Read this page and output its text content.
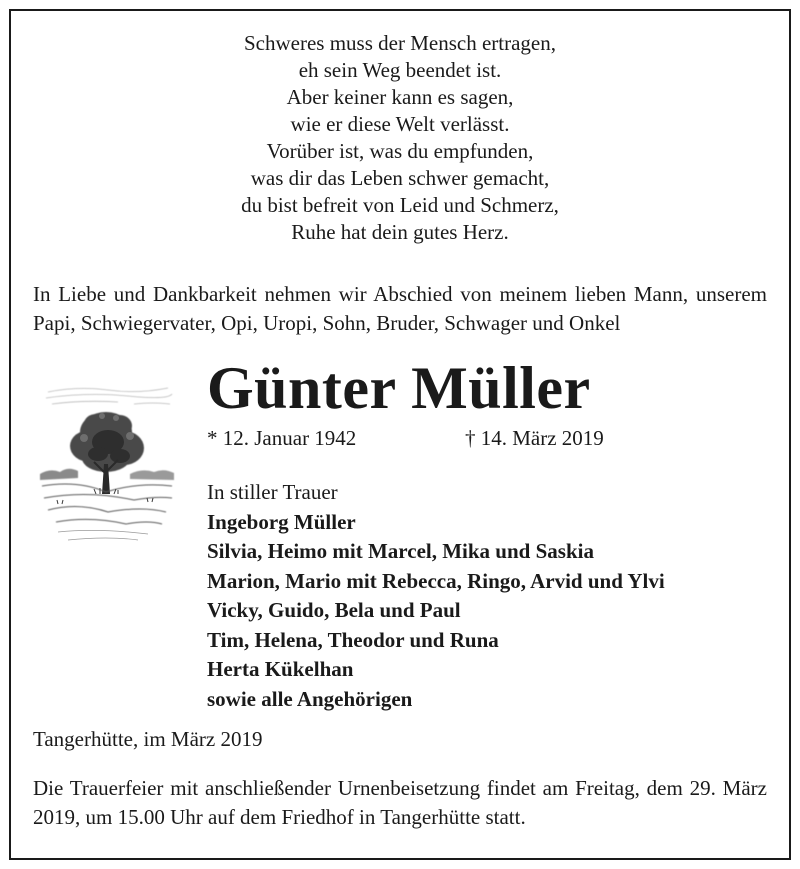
Schweres muss der Mensch ertragen,
eh sein Weg beendet ist.
Aber keiner kann es sagen,
wie er diese Welt verlässt.
Vorüber ist, was du empfunden,
was dir das Leben schwer gemacht,
du bist befreit von Leid und Schmerz,
Ruhe hat dein gutes Herz.
In Liebe und Dankbarkeit nehmen wir Abschied von meinem lieben Mann, unserem Papi, Schwiegervater, Opi, Uropi, Sohn, Bruder, Schwager und Onkel
Günter Müller
* 12. Januar 1942	† 14. März 2019
In stiller Trauer
Ingeborg Müller
Silvia, Heimo mit Marcel, Mika und Saskia
Marion, Mario mit Rebecca, Ringo, Arvid und Ylvi
Vicky, Guido, Bela und Paul
Tim, Helena, Theodor und Runa
Herta Kükelhan
sowie alle Angehörigen
Tangerhütte, im März 2019
Die Trauerfeier mit anschließender Urnenbeisetzung findet am Freitag, dem 29. März 2019, um 15.00 Uhr auf dem Friedhof in Tangerhütte statt.
